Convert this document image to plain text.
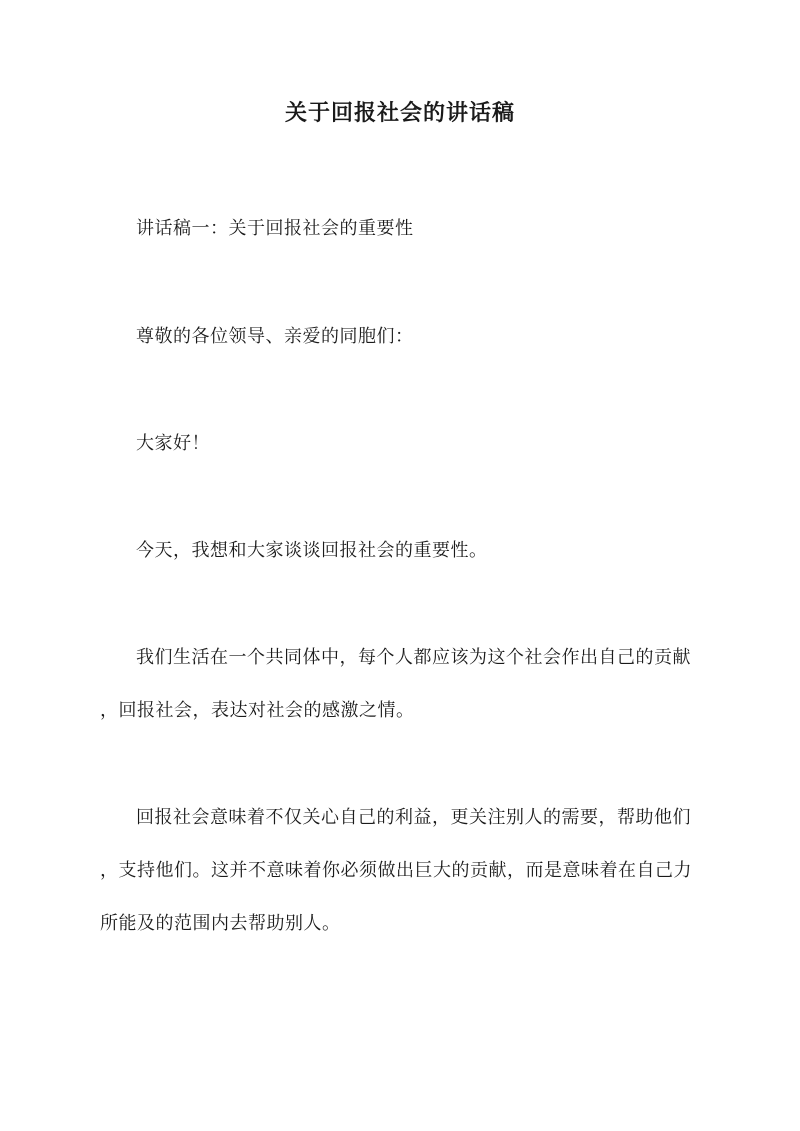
关于回报社会的讲话稿
讲话稿一：关于回报社会的重要性
尊敬的各位领导、亲爱的同胞们：
大家好！
今天，我想和大家谈谈回报社会的重要性。
我们生活在一个共同体中，每个人都应该为这个社会作出自己的贡献
，回报社会，表达对社会的感激之情。
回报社会意味着不仅关心自己的利益，更关注别人的需要，帮助他们
，支持他们。这并不意味着你必须做出巨大的贡献，而是意味着在自己力
所能及的范围内去帮助别人。
